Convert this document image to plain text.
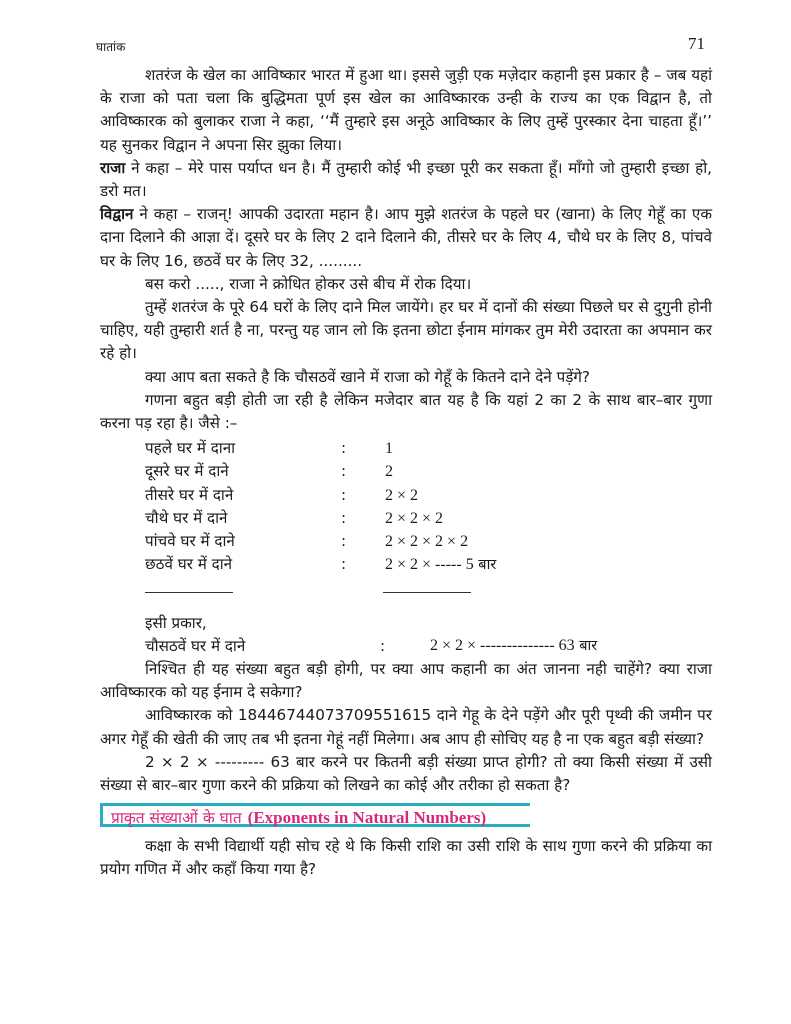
घातांक	71

शतरंज के खेल का आविष्कार भारत में हुआ था। इससे जुड़ी एक मज़ेदार कहानी इस प्रकार है – जब यहां के राजा को पता चला कि बुद्धिमता पूर्ण इस खेल का आविष्कारक उन्ही के राज्य का एक विद्वान है, तो आविष्कारक को बुलाकर राजा ने कहा, ‘‘मैं तुम्हारे इस अनूठे आविष्कार के लिए तुम्हें पुरस्कार देना चाहता हूँ।’’ यह सुनकर विद्वान ने अपना सिर झुका लिया।

राजा ने कहा – मेरे पास पर्याप्त धन है। मैं तुम्हारी कोई भी इच्छा पूरी कर सकता हूँ। माँगो जो तुम्हारी इच्छा हो, डरो मत।

विद्वान ने कहा – राजन्! आपकी उदारता महान है। आप मुझे शतरंज के पहले घर (खाना) के लिए गेहूँ का एक दाना दिलाने की आज्ञा दें। दूसरे घर के लिए 2 दाने दिलाने की, तीसरे घर के लिए 4, चौथे घर के लिए 8, पांचवे घर के लिए 16, छठवें घर के लिए 32, .........

बस करो ....., राजा ने क्रोधित होकर उसे बीच में रोक दिया।

तुम्हें शतरंज के पूरे 64 घरों के लिए दाने मिल जायेंगे। हर घर में दानों की संख्या पिछले घर से दुगुनी होनी चाहिए, यही तुम्हारी शर्त है ना, परन्तु यह जान लो कि इतना छोटा ईनाम मांगकर तुम मेरी उदारता का अपमान कर रहे हो।

क्या आप बता सकते है कि चौसठवें खाने में राजा को गेहूँ के कितने दाने देने पड़ेंगे?

गणना बहुत बड़ी होती जा रही है लेकिन मजेदार बात यह है कि यहां 2 का 2 के साथ बार–बार गुणा करना पड़ रहा है। जैसे :–

पहले घर में दाना	:	1
दूसरे घर में दाने	:	2
तीसरे घर में दाने	:	2 × 2
चौथे घर में दाने	:	2 × 2 × 2
पांचवे घर में दाने	:	2 × 2 × 2 × 2
छठवें घर में दाने	:	2 × 2 × ----- 5 बार

इसी प्रकार,

चौसठवें घर में दाने	:	2 × 2 × -------------- 63 बार

निश्चित ही यह संख्या बहुत बड़ी होगी, पर क्या आप कहानी का अंत जानना नही चाहेंगे? क्या राजा आविष्कारक को यह ईनाम दे सकेगा?

आविष्कारक को 18446744073709551615 दाने गेहू के देने पड़ेंगे और पूरी पृथ्वी की जमीन पर अगर गेहूँ की खेती की जाए तब भी इतना गेहूं नहीं मिलेगा। अब आप ही सोचिए यह है ना एक बहुत बड़ी संख्या?

2 × 2 × --------- 63 बार करने पर कितनी बड़ी संख्या प्राप्त होगी? तो क्या किसी संख्या में उसी संख्या से बार–बार गुणा करने की प्रक्रिया को लिखने का कोई और तरीका हो सकता है?

प्राकृत संख्याओं के घात (Exponents in Natural Numbers)

कक्षा के सभी विद्यार्थी यही सोच रहे थे कि किसी राशि का उसी राशि के साथ गुणा करने की प्रक्रिया का प्रयोग गणित में और कहाँ किया गया है?
